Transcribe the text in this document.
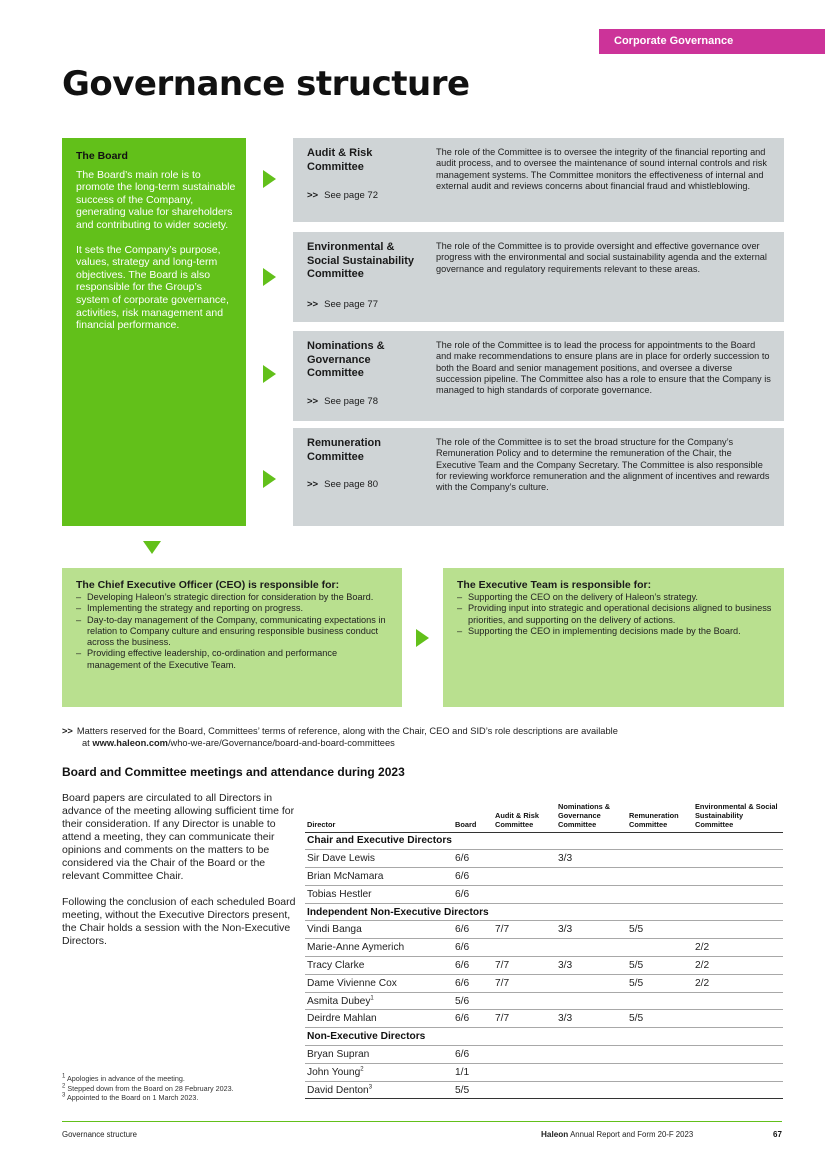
Corporate Governance
Governance structure
The Board

The Board’s main role is to promote the long-term sustainable success of the Company, generating value for shareholders and contributing to wider society.

It sets the Company’s purpose, values, strategy and long-term objectives. The Board is also responsible for the Group’s system of corporate governance, activities, risk management and financial performance.

Audit & Risk Committee
>> See page 72
The role of the Committee is to oversee the integrity of the financial reporting and audit process, and to oversee the maintenance of sound internal controls and risk management systems. The Committee monitors the effectiveness of internal and external audit and reviews concerns about financial fraud and whistleblowing.
Environmental & Social Sustainability Committee
>> See page 77
The role of the Committee is to provide oversight and effective governance over progress with the environmental and social sustainability agenda and the external governance and regulatory requirements relevant to these areas.
Nominations & Governance Committee
>> See page 78
The role of the Committee is to lead the process for appointments to the Board and make recommendations to ensure plans are in place for orderly succession to both the Board and senior management positions, and oversee a diverse succession pipeline. The Committee also has a role to ensure that the Company is managed to high standards of corporate governance.
Remuneration Committee
>> See page 80
The role of the Committee is to set the broad structure for the Company’s Remuneration Policy and to determine the remuneration of the Chair, the Executive Team and the Company Secretary. The Committee is also responsible for reviewing workforce remuneration and the alignment of incentives and rewards with the Company’s culture.
The Chief Executive Officer (CEO) is responsible for:
– Developing Haleon’s strategic direction for consideration by the Board.
– Implementing the strategy and reporting on progress.
– Day-to-day management of the Company, communicating expectations in relation to Company culture and ensuring responsible business conduct across the business.
– Providing effective leadership, co-ordination and performance management of the Executive Team.
The Executive Team is responsible for:
– Supporting the CEO on the delivery of Haleon’s strategy.
– Providing input into strategic and operational decisions aligned to business priorities, and supporting on the delivery of actions.
– Supporting the CEO in implementing decisions made by the Board.
>> Matters reserved for the Board, Committees’ terms of reference, along with the Chair, CEO and SID’s role descriptions are available
at www.haleon.com/who-we-are/Governance/board-and-board-committees
Board and Committee meetings and attendance during 2023

Board papers are circulated to all Directors in advance of the meeting allowing sufficient time for their consideration. If any Director is unable to attend a meeting, they can communicate their opinions and comments on the matters to be considered via the Chair of the Board or the relevant Committee Chair.

Following the conclusion of each scheduled Board meeting, without the Executive Directors present, the Chair holds a session with the Non-Executive Directors.

Director	Board	Audit & Risk Committee	Nominations & Governance Committee	Remuneration Committee	Environmental & Social Sustainability Committee
Chair and Executive Directors					
Sir Dave Lewis	6/6		3/3		
Brian McNamara	6/6				
Tobias Hestler	6/6				
Independent Non-Executive Directors					
Vindi Banga	6/6	7/7	3/3	5/5	
Marie-Anne Aymerich	6/6				2/2
Tracy Clarke	6/6	7/7	3/3	5/5	2/2
Dame Vivienne Cox	6/6	7/7		5/5	2/2
Asmita Dubey$^1$	5/6				
Deirdre Mahlan	6/6	7/7	3/3	5/5	
Non-Executive Directors					
Bryan Supran	6/6				
John Young$^2$	1/1				
David Denton$^3$	5/5				
$^1$ Apologies in advance of the meeting.
$^2$ Stepped down from the Board on 28 February 2023.
$^3$ Appointed to the Board on 1 March 2023.
Governance structure	Haleon Annual Report and Form 20-F 2023	67
